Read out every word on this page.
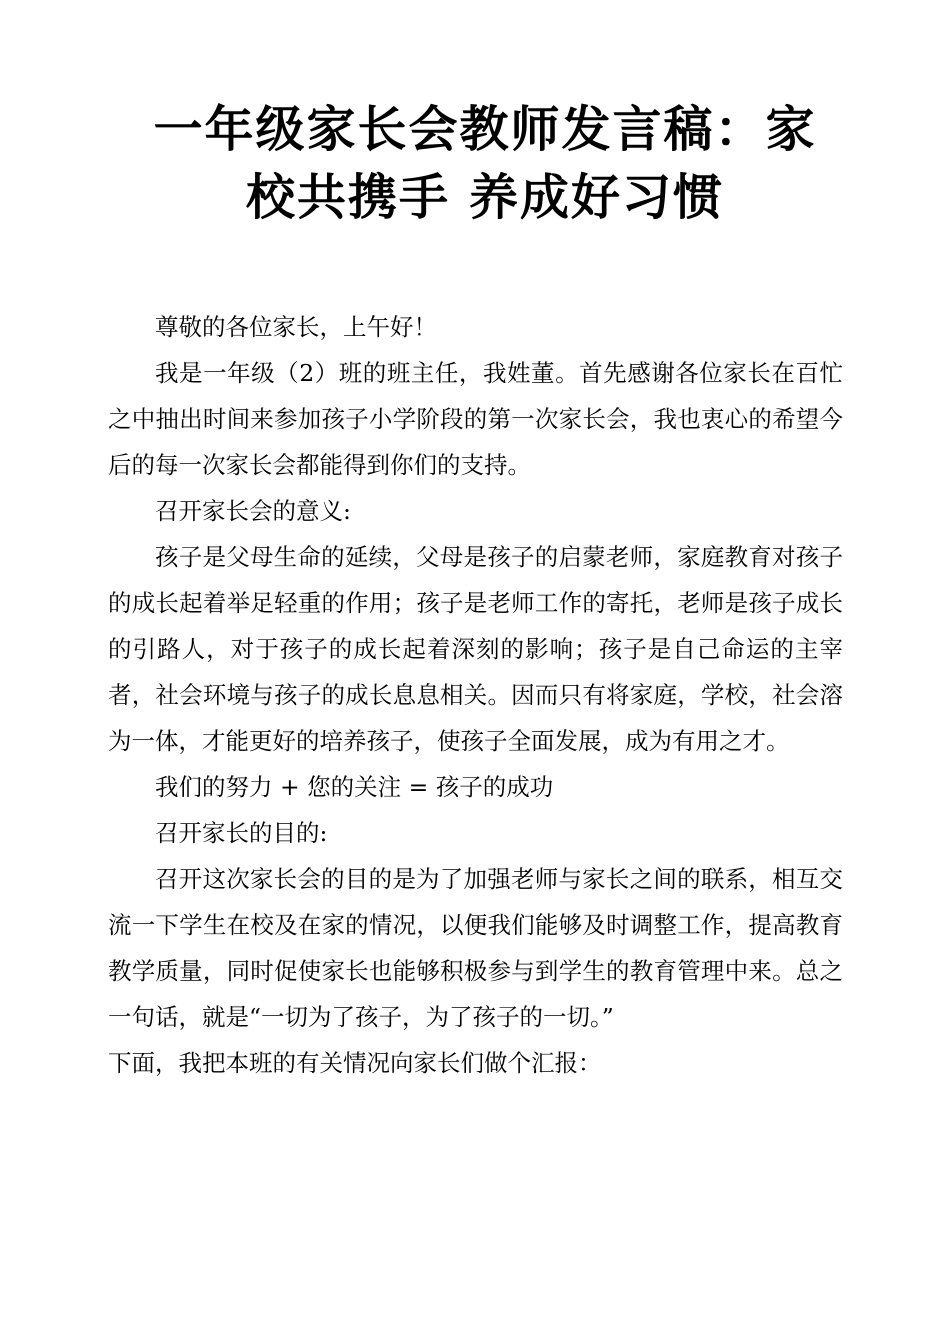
一年级家长会教师发言稿：家
校共携手 养成好习惯

尊敬的各位家长，上午好！

我是一年级（2）班的班主任，我姓董。首先感谢各位家长在百忙之中抽出时间来参加孩子小学阶段的第一次家长会，我也衷心的希望今后的每一次家长会都能得到你们的支持。

召开家长会的意义:

孩子是父母生命的延续，父母是孩子的启蒙老师，家庭教育对孩子的成长起着举足轻重的作用；孩子是老师工作的寄托，老师是孩子成长的引路人，对于孩子的成长起着深刻的影响；孩子是自己命运的主宰者，社会环境与孩子的成长息息相关。因而只有将家庭，学校，社会溶为一体，才能更好的培养孩子，使孩子全面发展，成为有用之才。

我们的努力 + 您的关注 = 孩子的成功

召开家长的目的:

召开这次家长会的目的是为了加强老师与家长之间的联系，相互交流一下学生在校及在家的情况，以便我们能够及时调整工作，提高教育教学质量，同时促使家长也能够积极参与到学生的教育管理中来。总之一句话，就是“一切为了孩子，为了孩子的一切。”

下面，我把本班的有关情况向家长们做个汇报：
